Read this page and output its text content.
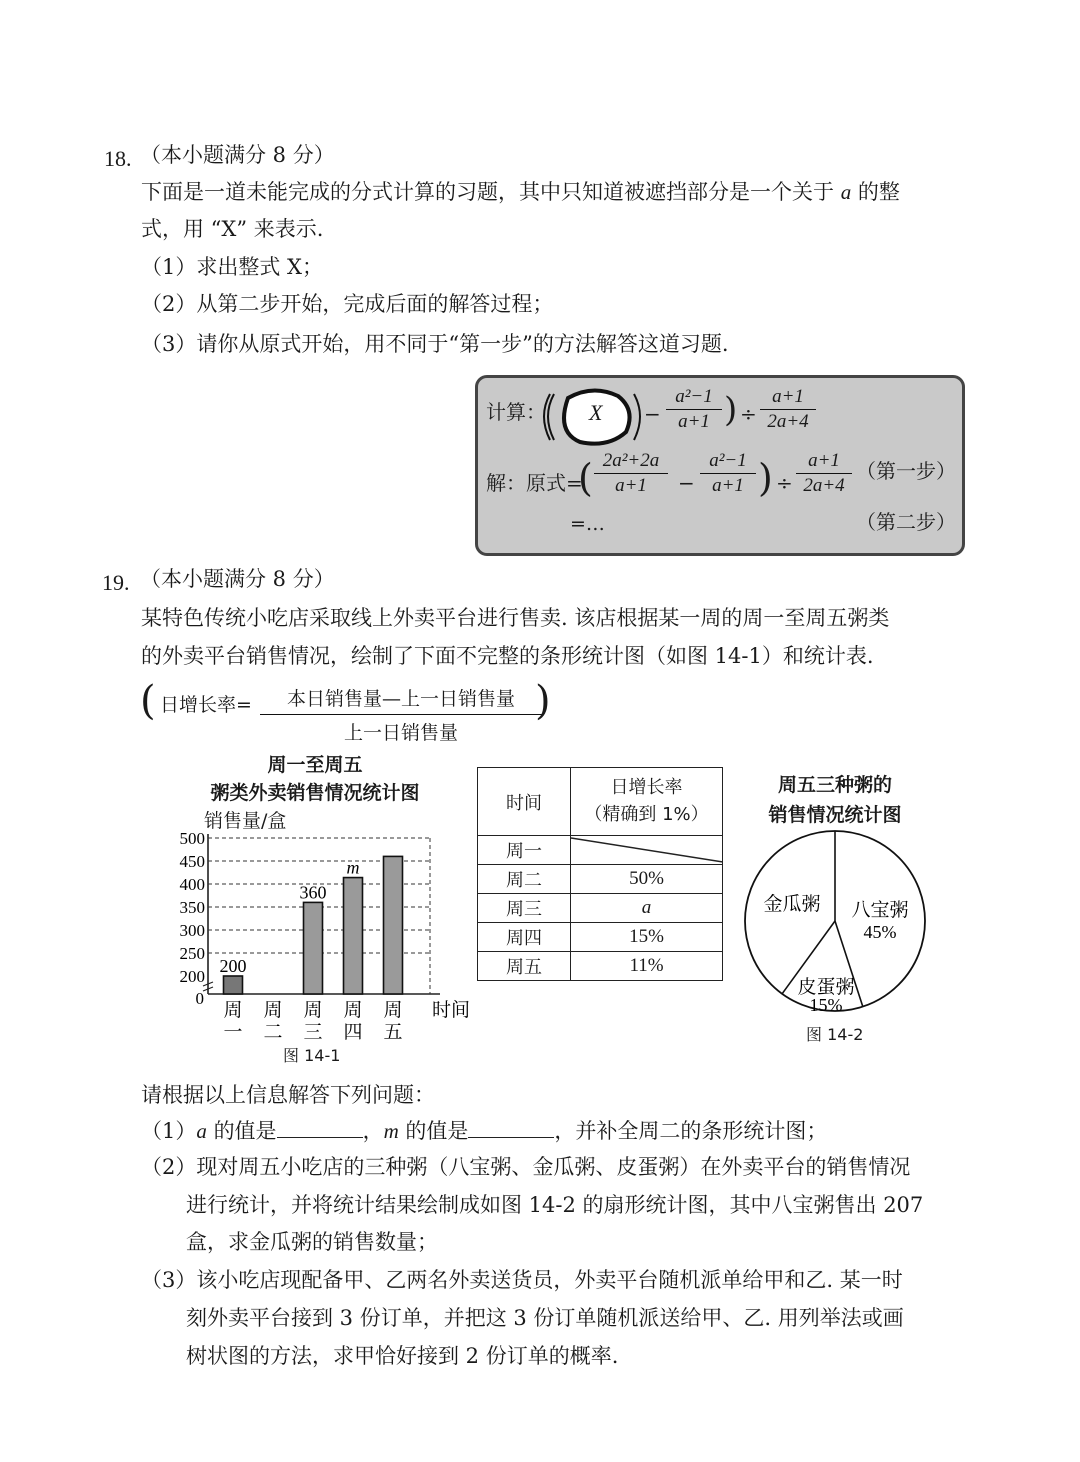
18. （本小题满分 8 分）
下面是一道未能完成的分式计算的习题，其中只知道被遮挡部分是一个关于 a 的整
式，用 “X” 来表示.
（1）求出整式 X；
（2）从第二步开始，完成后面的解答过程；
（3）请你从原式开始，用不同于“第一步”的方法解答这道习题.
计算： X −
a²−1
a+1 ) ÷
a+1
2a+4
解：原式=
( 2a²+2a
a+1	−
a²−1
a+1 ) ÷
a+1
2a+4
（第一步）
=…	（第二步）
19. （本小题满分 8 分）
某特色传统小吃店采取线上外卖平台进行售卖. 该店根据某一周的周一至周五粥类
的外卖平台销售情况，绘制了下面不完整的条形统计图（如图 14-1）和统计表.
( 日增长率=	本日销售量—上一日销售量
上一日销售量
)
周一至周五
粥类外卖销售情况统计图
销售量/盒
0
200
250
300
350
400
450
500
200
周
一
周
二
360
周
三
m
周
四
周
五
时间
图 14-1
时间	日增长率
（精确到 1%）

周一	

周二	50%
周三	a
周四	15%
周五	11%
周五三种粥的
销售情况统计图
八宝粥
45%
皮蛋粥
15%
金瓜粥
图 14-2
请根据以上信息解答下列问题：
（1）a 的值是	，m 的值是	，并补全周二的条形统计图；
（2）现对周五小吃店的三种粥（八宝粥、金瓜粥、皮蛋粥）在外卖平台的销售情况
进行统计，并将统计结果绘制成如图 14-2 的扇形统计图，其中八宝粥售出 207
盒，求金瓜粥的销售数量；
（3）该小吃店现配备甲、乙两名外卖送货员，外卖平台随机派单给甲和乙. 某一时
刻外卖平台接到 3 份订单，并把这 3 份订单随机派送给甲、乙. 用列举法或画
树状图的方法，求甲恰好接到 2 份订单的概率.
